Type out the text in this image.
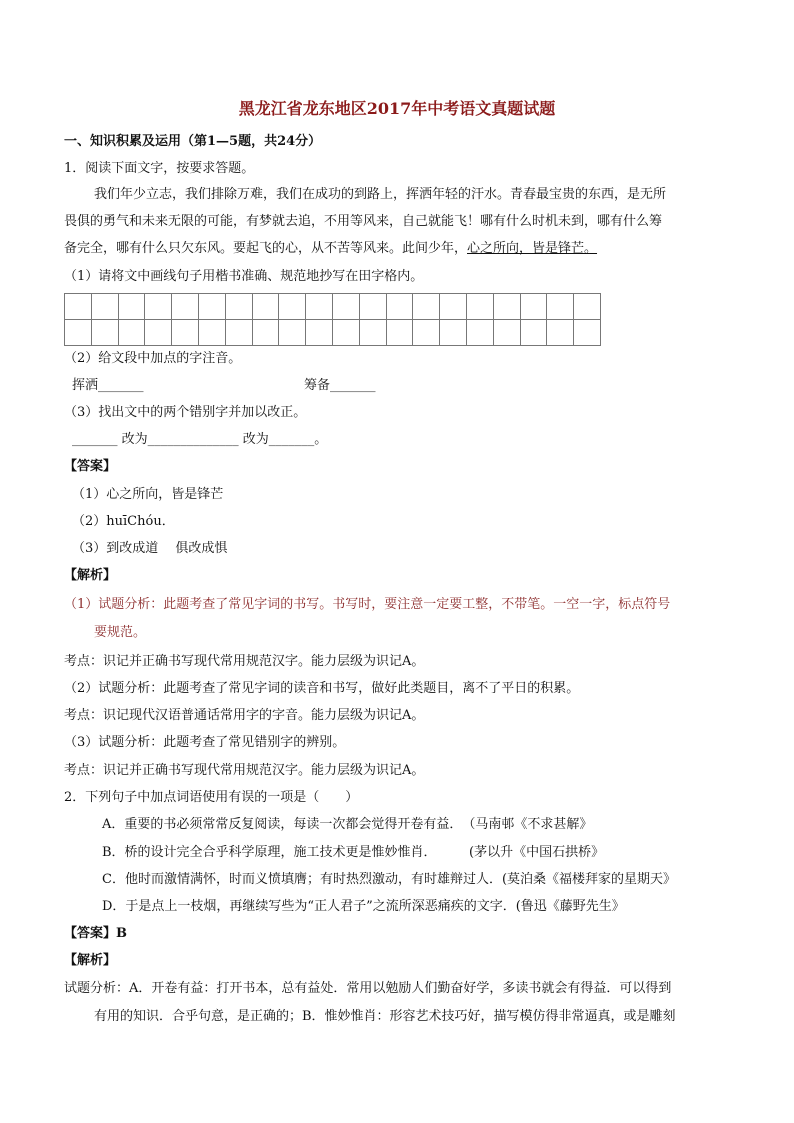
黑龙江省龙东地区2017年中考语文真题试题
一、知识积累及运用（第1—5题，共24分）
1．阅读下面文字，按要求答题。
我们年少立志，我们排除万难，我们在成功的到路上，挥洒年轻的汗水。青春最宝贵的东西，是无所
畏俱的勇气和未来无限的可能，有梦就去追，不用等风来，自己就能飞！哪有什么时机未到，哪有什么筹
备完全，哪有什么只欠东风。要起飞的心，从不苦等风来。此间少年，心之所向，皆是锋芒。
（1）请将文中画线句子用楷书准确、规范地抄写在田字格内。

（2）给文段中加点的字注音。
挥洒_______	筹备_______
（3）找出文中的两个错别字并加以改正。
_______ 改为______________ 改为_______。
【答案】
（1）心之所向，皆是锋芒
（2）huīChóu．
（3）到改成道　 俱改成惧
【解析】
（1）试题分析：此题考查了常见字词的书写。书写时，要注意一定要工整，不带笔。一空一字，标点符号
要规范。
考点：识记并正确书写现代常用规范汉字。能力层级为识记A。
（2）试题分析：此题考查了常见字词的读音和书写，做好此类题目，离不了平日的积累。
考点：识记现代汉语普通话常用字的字音。能力层级为识记A。
（3）试题分析：此题考查了常见错别字的辨别。
考点：识记并正确书写现代常用规范汉字。能力层级为识记A。
2．下列句子中加点词语使用有误的一项是（　　）
A．重要的书必须常常反复阅读，每读一次都会觉得开卷有益．　（马南邨《不求甚解》
B．桥的设计完全合乎科学原理，施工技术更是惟妙惟肖．　　　(茅以升《中国石拱桥》
C．他时而激情满怀，时而义愤填膺；有时热烈激动，有时雄辩过人．(莫泊桑《福楼拜家的星期天》
D．于是点上一枝烟，再继续写些为“正人君子”之流所深恶痛疾的文字．(鲁迅《藤野先生》
【答案】B
【解析】
试题分析：A．开卷有益：打开书本，总有益处．常用以勉励人们勤奋好学，多读书就会有得益．可以得到
有用的知识．合乎句意，是正确的；B．惟妙惟肖：形容艺术技巧好，描写模仿得非常逼真，或是雕刻
